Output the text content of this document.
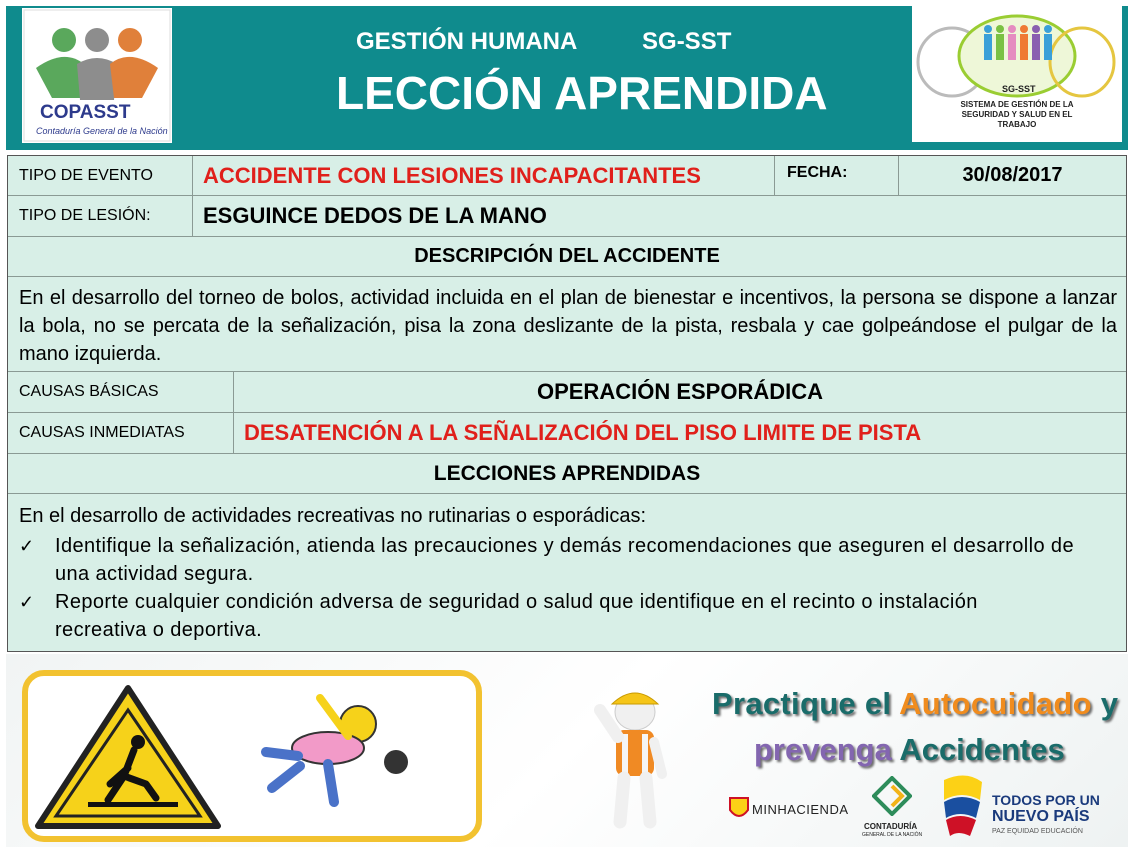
COPASST
Contaduría General de la Nación
GESTIÓN HUMANA	SG-SST
LECCIÓN APRENDIDA	SG-SST
SISTEMA DE GESTIÓN DE LA SEGURIDAD Y SALUD EN EL TRABAJO
TIPO DE EVENTO	ACCIDENTE CON LESIONES INCAPACITANTES	FECHA:	30/08/2017
TIPO DE LESIÓN:	ESGUINCE DEDOS DE LA MANO
DESCRIPCIÓN DEL ACCIDENTE
En el desarrollo del torneo de bolos, actividad incluida en el plan de bienestar e incentivos, la persona se dispone a lanzar la bola, no se percata de la señalización, pisa la zona deslizante de la pista, resbala y cae golpeándose el pulgar de la mano izquierda.
CAUSAS BÁSICAS	OPERACIÓN ESPORÁDICA
CAUSAS INMEDIATAS	DESATENCIÓN A LA SEÑALIZACIÓN DEL PISO LIMITE DE PISTA
LECCIONES APRENDIDAS
En el desarrollo de actividades recreativas no rutinarias o esporádicas:
✓	Identifique la señalización, atienda las precauciones y demás recomendaciones que aseguren el desarrollo de una actividad segura.
✓	Reporte cualquier condición adversa de seguridad o salud que identifique en el recinto o instalación recreativa o deportiva.
Practique el Autocuidado y
prevenga Accidentes
MINHACIENDA
CONTADURÍA
GENERAL DE LA NACIÓN
TODOS POR UN
NUEVO PAÍS
PAZ EQUIDAD EDUCACIÓN
